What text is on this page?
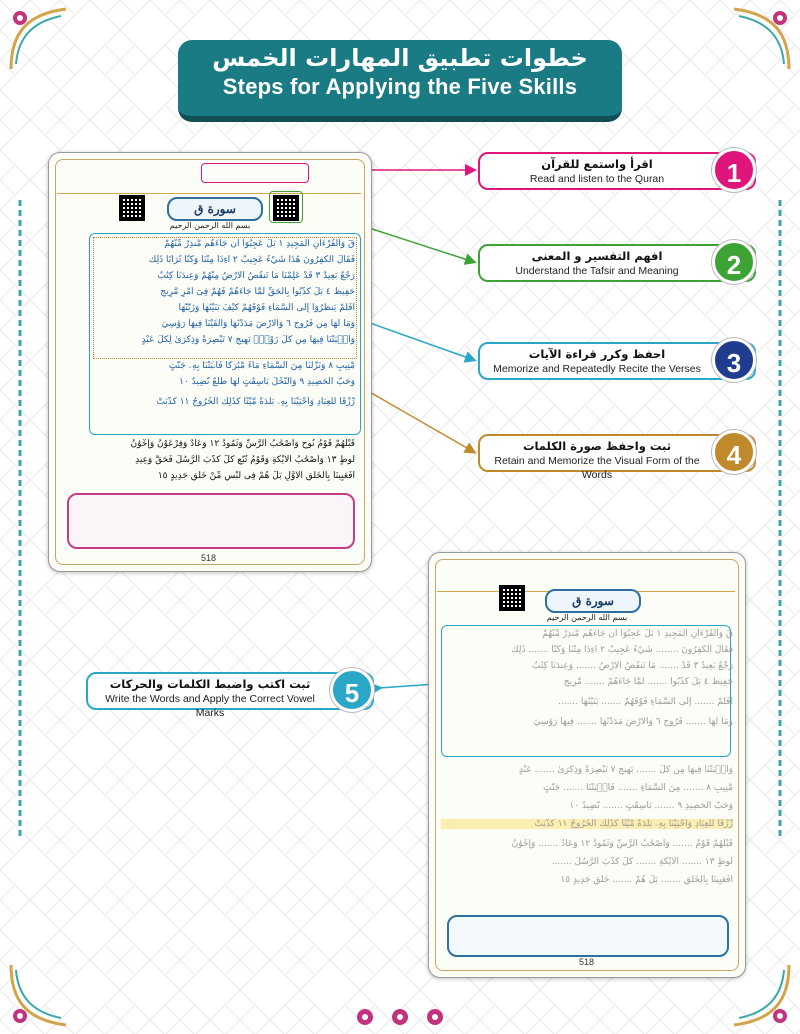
خطوات تطبيق المهارات الخمس
Steps for Applying the Five Skills
سورة ق
بسم الله الرحمن الرحيم
قٓ وَالْقُرْءَانِ الْمَجِيدِ ١ بَلْ عَجِبُوٓا أَن جَاءَهُم مُّنذِرٌ مِّنْهُمْ
فَقَالَ الْكَٰفِرُونَ هَٰذَا شَيْءٌ عَجِيبٌ ٢ أَءِذَا مِتْنَا وَكُنَّا تُرَابًا ذَٰلِكَ
رَجْعٌ بَعِيدٌ ٣ قَدْ عَلِمْنَا مَا تَنقُصُ الْأَرْضُ مِنْهُمْ وَعِندَنَا كِتَٰبٌ
حَفِيظٌ ٤ بَلْ كَذَّبُوا بِالْحَقِّ لَمَّا جَاءَهُمْ فَهُمْ فِىٓ أَمْرٍ مَّرِيجٍ
أَفَلَمْ يَنظُرُوٓا إِلَى السَّمَاءِ فَوْقَهُمْ كَيْفَ بَنَيْنَٰهَا وَزَيَّنَّٰهَا
وَمَا لَهَا مِن فُرُوجٍ ٦ وَالْأَرْضَ مَدَدْنَٰهَا وَأَلْقَيْنَا فِيهَا رَوَٰسِيَ
وَأَنۢبَتْنَا فِيهَا مِن كُلِّ زَوْجٍۭ بَهِيجٍ ٧ تَبْصِرَةً وَذِكْرَىٰ لِكُلِّ عَبْدٍ
مُّنِيبٍ ٨ وَنَزَّلْنَا مِنَ السَّمَاءِ مَاءً مُّبَٰرَكًا فَأَنۢبَتْنَا بِهِۦ جَنَّٰتٍ
وَحَبَّ الْحَصِيدِ ٩ وَالنَّخْلَ بَاسِقَٰتٍ لَّهَا طَلْعٌ نَّضِيدٌ ١٠
رِّزْقًا لِّلْعِبَادِ وَأَحْيَيْنَا بِهِۦ بَلْدَةً مَّيْتًا كَذَٰلِكَ الْخُرُوجُ ١١ كَذَّبَتْ
قَبْلَهُمْ قَوْمُ نُوحٍ وَأَصْحَٰبُ الرَّسِّ وَثَمُودُ ١٢ وَعَادٌ وَفِرْعَوْنُ وَإِخْوَٰنُ
لُوطٍ ١٣ وَأَصْحَٰبُ الْأَيْكَةِ وَقَوْمُ تُبَّعٍ كُلٌّ كَذَّبَ الرُّسُلَ فَحَقَّ وَعِيدِ
أَفَعَيِينَا بِالْخَلْقِ الْأَوَّلِ بَلْ هُمْ فِى لَبْسٍ مِّنْ خَلْقٍ جَدِيدٍ ١٥
518
سورة ق
بسم الله الرحمن الرحيم
قٓ وَالْقُرْءَانِ الْمَجِيدِ ١ بَلْ عَجِبُوٓا أَن جَاءَهُم مُّنذِرٌ مِّنْهُمْ
فَقَالَ الْكَٰفِرُونَ ........ شَيْءٌ عَجِيبٌ ٢ أَءِذَا مِتْنَا وَكُنَّا ....... ذَٰلِكَ
رَجْعٌ بَعِيدٌ ٣ قَدْ ....... مَا تَنقُصُ الْأَرْضُ ....... وَعِندَنَا كِتَٰبٌ
حَفِيظٌ ٤ بَلْ كَذَّبُوا ....... لَمَّا جَاءَهُمْ ....... مَّرِيجٍ
أَفَلَمْ ....... إِلَى السَّمَاءِ فَوْقَهُمْ ....... بَنَيْنَٰهَا .......
وَمَا لَهَا ....... فُرُوجٍ ٦ وَالْأَرْضَ مَدَدْنَٰهَا ....... فِيهَا رَوَٰسِيَ
وَأَنۢبَتْنَا فِيهَا مِن كُلِّ ....... بَهِيجٍ ٧ تَبْصِرَةً وَذِكْرَىٰ ....... عَبْدٍ
مُّنِيبٍ ٨ ....... مِنَ السَّمَاءِ ....... فَأَنۢبَتْنَا ....... جَنَّٰتٍ
وَحَبَّ الْحَصِيدِ ٩ ....... بَاسِقَٰتٍ ....... نَّضِيدٌ ١٠
رِّزْقًا لِّلْعِبَادِ وَأَحْيَيْنَا بِهِۦ بَلْدَةً مَّيْتًا كَذَٰلِكَ الْخُرُوجُ ١١ كَذَّبَتْ
قَبْلَهُمْ قَوْمُ ....... وَأَصْحَٰبُ الرَّسِّ وَثَمُودُ ١٢ وَعَادٌ ....... وَإِخْوَٰنُ
لُوطٍ ١٣ ....... الْأَيْكَةِ ....... كُلٌّ كَذَّبَ الرُّسُلَ .......
أَفَعَيِينَا بِالْخَلْقِ ....... بَلْ هُمْ ....... خَلْقٍ جَدِيدٍ ١٥
518
اقرأ واستمع للقرآن
Read and listen to the Quran	1
افهم التفسير و المعنى
Understand the Tafsir and Meaning	2
احفظ وكرر قراءة الآيات
Memorize and Repeatedly Recite the Verses 3
ثبت واحفظ صورة الكلمات
Retain and Memorize the Visual Form of the Words
4
ثبت اكتب واضبط الكلمات والحركات
Write the Words and Apply the Correct Vowel Marks
5
